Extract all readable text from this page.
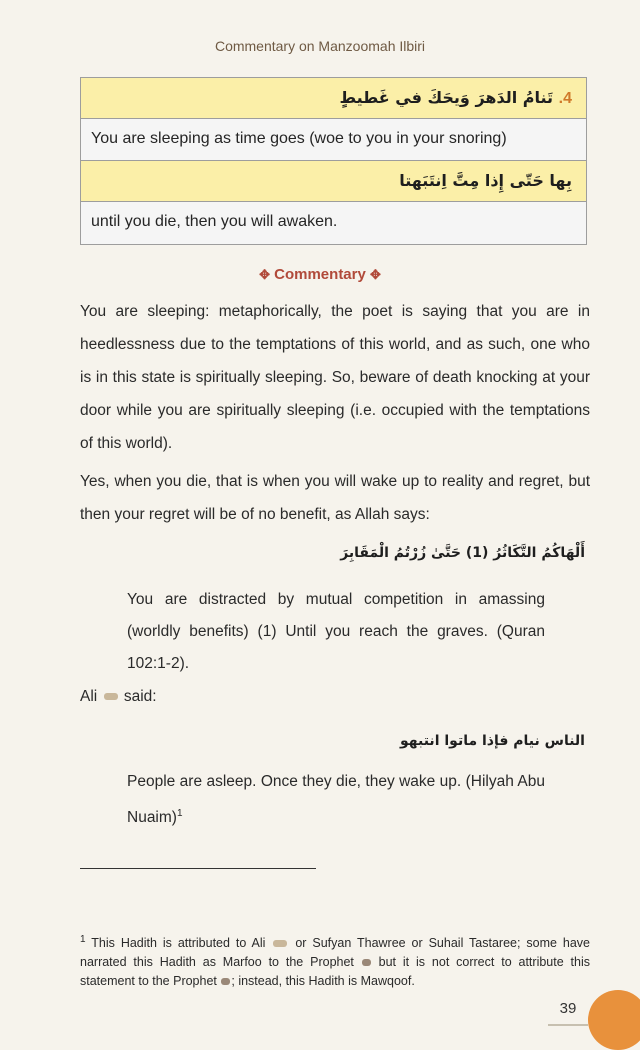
Commentary on Manzoomah Ilbiri
4. تَنامُ الدَهرَ وَيحَكَ في غَطيطٍ
You are sleeping as time goes (woe to you in your snoring)
بِها حَتّى إِذا مِتَّ اِنتَبَهتا
until you die, then you will awaken.
✥ Commentary ✥

You are sleeping: metaphorically, the poet is saying that you are in heedlessness due to the temptations of this world, and as such, one who is in this state is spiritually sleeping. So, beware of death knocking at your door while you are spiritually sleeping (i.e. occupied with the temptations of this world).

Yes, when you die, that is when you will wake up to reality and regret, but then your regret will be of no benefit, as Allah says:

أَلْهَاكُمُ التَّكَاثُرُ (1) حَتَّىٰ زُرْتُمُ الْمَقَابِرَ

You are distracted by mutual competition in amassing (worldly benefits) (1) Until you reach the graves. (Quran 102:1-2).

Ali said:

الناس نيام فإذا ماتوا انتبهو

People are asleep. Once they die, they wake up. (Hilyah Abu Nuaim)$^1$

$^1$ This Hadith is attributed to Ali or Sufyan Thawree or Suhail Tastaree; some have narrated this Hadith as Marfoo to the Prophet but it is not correct to attribute this statement to the Prophet ; instead, this Hadith is Mawqoof.

39
